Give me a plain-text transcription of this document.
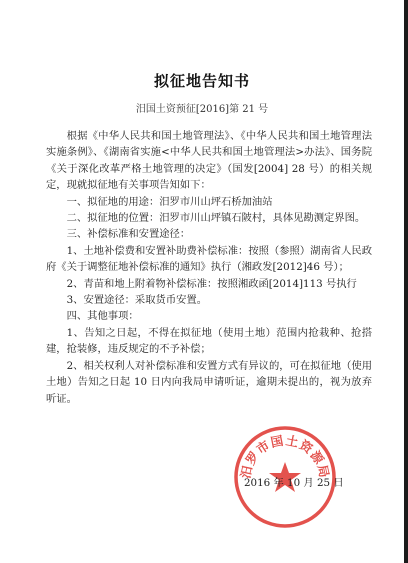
拟征地告知书
汨国土资预征[2016]第 21 号

根据《中华人民共和国土地管理法》、《中华人民共和国土地管理法实施条例》、《湖南省实施<中华人民共和国土地管理法>办法》、国务院《关于深化改革严格土地管理的决定》（国发[2004] 28 号）的相关规定，现就拟征地有关事项告知如下：

一、拟征地的用途：汨罗市川山坪石桥加油站

二、拟征地的位置：汨罗市川山坪镇石陂村，具体见勘测定界图。

三、补偿标准和安置途径：

1、土地补偿费和安置补助费补偿标准：按照（参照）湖南省人民政府《关于调整征地补偿标准的通知》执行（湘政发[2012]46 号）；

2、青苗和地上附着物补偿标准：按照湘政函[2014]113 号执行

3、安置途径：采取货币安置。

四、其他事项：

1、告知之日起，不得在拟征地（使用土地）范围内抢栽种、抢搭建，抢装修，违反规定的不予补偿；

2、相关权利人对补偿标准和安置方式有异议的，可在拟征地（使用土地）告知之日起 10 日内向我局申请听证，逾期未提出的，视为放弃听证。

汨罗市国土资源局
2016 年 10 月 25 日
